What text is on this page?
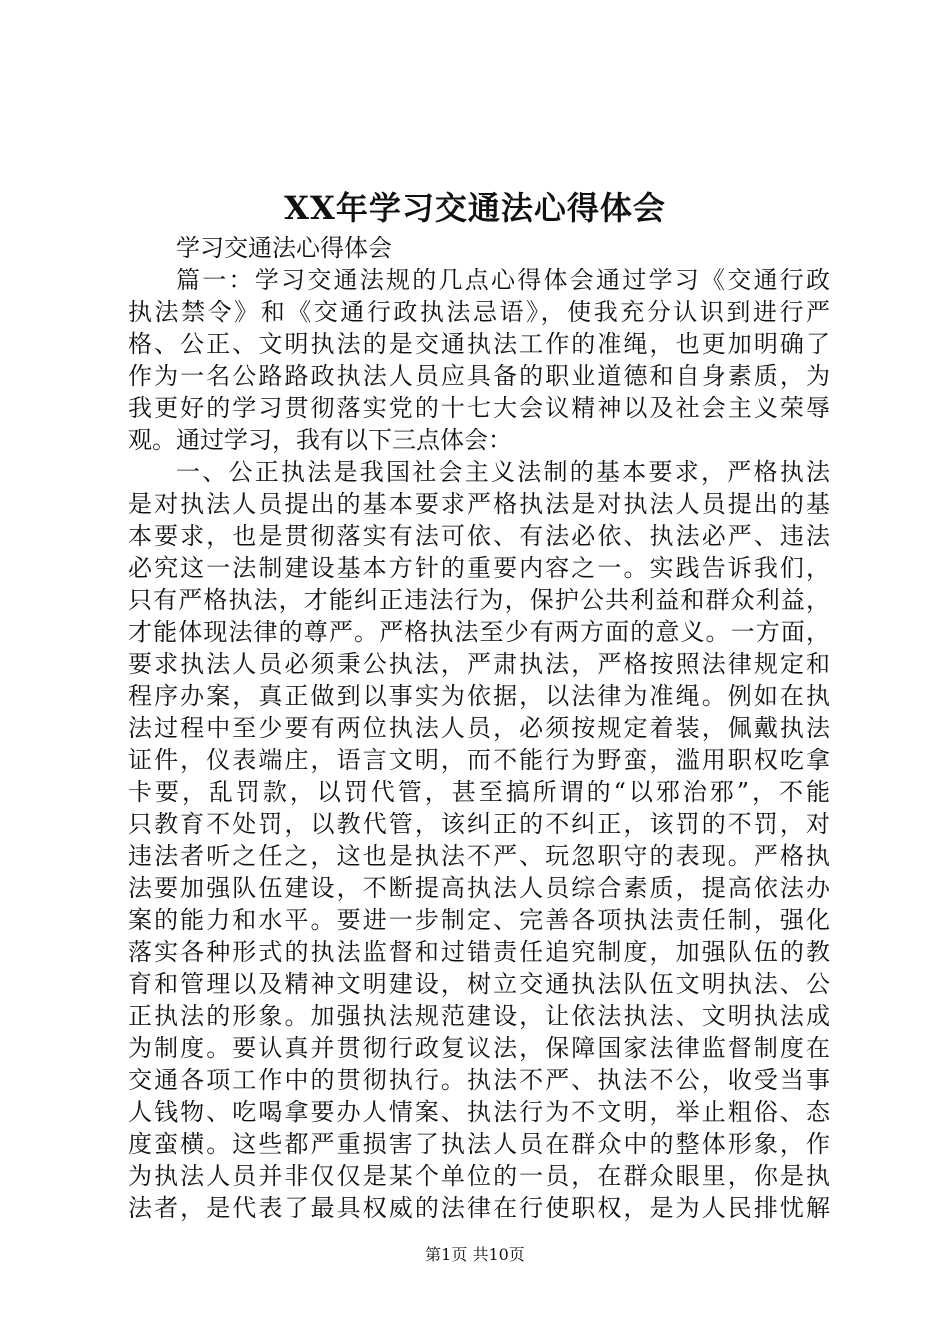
XX年学习交通法心得体会
学习交通法心得体会
篇一：学习交通法规的几点心得体会通过学习《交通行政
执法禁令》和《交通行政执法忌语》，使我充分认识到进行严
格、公正、文明执法的是交通执法工作的准绳，也更加明确了
作为一名公路路政执法人员应具备的职业道德和自身素质，为
我更好的学习贯彻落实党的十七大会议精神以及社会主义荣辱
观。通过学习，我有以下三点体会：
一、公正执法是我国社会主义法制的基本要求，严格执法
是对执法人员提出的基本要求严格执法是对执法人员提出的基
本要求，也是贯彻落实有法可依、有法必依、执法必严、违法
必究这一法制建设基本方针的重要内容之一。实践告诉我们，
只有严格执法，才能纠正违法行为，保护公共利益和群众利益，
才能体现法律的尊严。严格执法至少有两方面的意义。一方面，
要求执法人员必须秉公执法，严肃执法，严格按照法律规定和
程序办案，真正做到以事实为依据，以法律为准绳。例如在执
法过程中至少要有两位执法人员，必须按规定着装，佩戴执法
证件，仪表端庄，语言文明，而不能行为野蛮，滥用职权吃拿
卡要，乱罚款，以罚代管，甚至搞所谓的“以邪治邪”，不能
只教育不处罚，以教代管，该纠正的不纠正，该罚的不罚，对
违法者听之任之，这也是执法不严、玩忽职守的表现。严格执
法要加强队伍建设，不断提高执法人员综合素质，提高依法办
案的能力和水平。要进一步制定、完善各项执法责任制，强化
落实各种形式的执法监督和过错责任追究制度，加强队伍的教
育和管理以及精神文明建设，树立交通执法队伍文明执法、公
正执法的形象。加强执法规范建设，让依法执法、文明执法成
为制度。要认真并贯彻行政复议法，保障国家法律监督制度在
交通各项工作中的贯彻执行。执法不严、执法不公，收受当事
人钱物、吃喝拿要办人情案、执法行为不文明，举止粗俗、态
度蛮横。这些都严重损害了执法人员在群众中的整体形象，作
为执法人员并非仅仅是某个单位的一员，在群众眼里，你是执
法者，是代表了最具权威的法律在行使职权，是为人民排忧解
第1页 共10页
